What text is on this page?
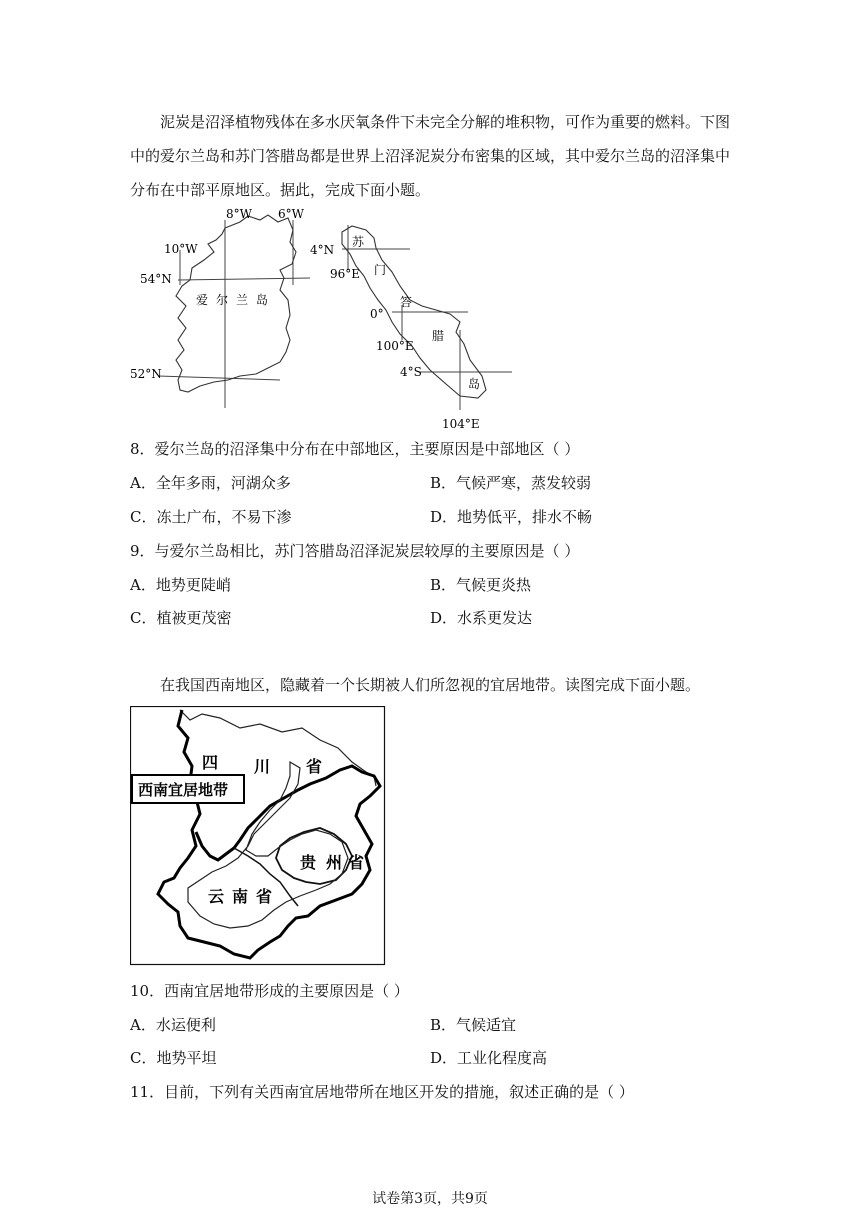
泥炭是沼泽植物残体在多水厌氧条件下未完全分解的堆积物，可作为重要的燃料。下图
中的爱尔兰岛和苏门答腊岛都是世界上沼泽泥炭分布密集的区域，其中爱尔兰岛的沼泽集中
分布在中部平原地区。据此，完成下面小题。
8°W 6°W
10°W
54°N
52°N
爱 尔 兰 岛
4°N
96°E
0°
100°E
4°S
104°E
苏
门
答
腊
岛
8．爱尔兰岛的沼泽集中分布在中部地区，主要原因是中部地区（ ）
A．全年多雨，河湖众多	B．气候严寒，蒸发较弱
C．冻土广布，不易下渗	D．地势低平，排水不畅
9．与爱尔兰岛相比，苏门答腊岛沼泽泥炭层较厚的主要原因是（ ）
A．地势更陡峭	B．气候更炎热
C．植被更茂密	D．水系更发达
在我国西南地区，隐藏着一个长期被人们所忽视的宜居地带。读图完成下面小题。
四 川 省
贵 州 省
云 南 省
西南宜居地带
10．西南宜居地带形成的主要原因是（ ）
A．水运便利	B．气候适宜
C．地势平坦	D．工业化程度高
11．目前，下列有关西南宜居地带所在地区开发的措施，叙述正确的是（ ）
试卷第3页，共9页
